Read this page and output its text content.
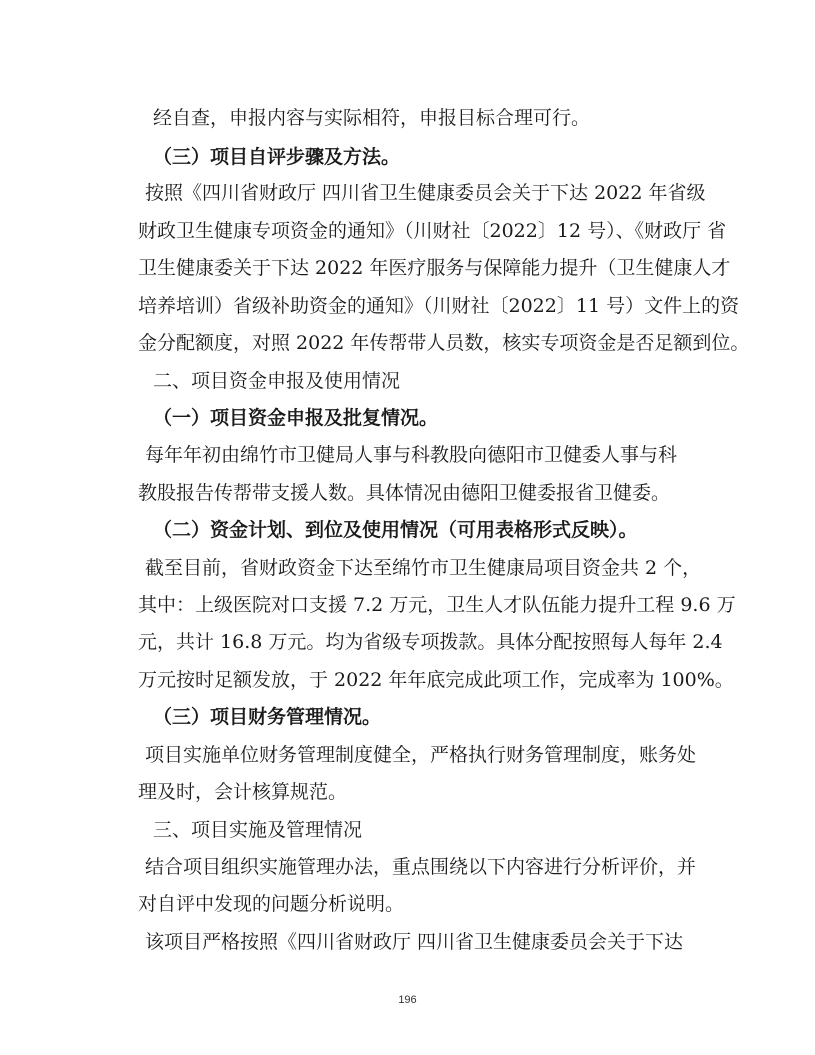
经自查，申报内容与实际相符，申报目标合理可行。

（三）项目自评步骤及方法。

按照《四川省财政厅 四川省卫生健康委员会关于下达 2022 年省级

财政卫生健康专项资金的通知》（川财社〔2022〕12 号）、《财政厅 省

卫生健康委关于下达 2022 年医疗服务与保障能力提升（卫生健康人才

培养培训）省级补助资金的通知》（川财社〔2022〕11 号）文件上的资

金分配额度，对照 2022 年传帮带人员数，核实专项资金是否足额到位。

二、项目资金申报及使用情况

（一）项目资金申报及批复情况。

每年年初由绵竹市卫健局人事与科教股向德阳市卫健委人事与科

教股报告传帮带支援人数。具体情况由德阳卫健委报省卫健委。

（二）资金计划、到位及使用情况（可用表格形式反映）。

截至目前，省财政资金下达至绵竹市卫生健康局项目资金共 2 个，

其中：上级医院对口支援 7.2 万元，卫生人才队伍能力提升工程 9.6 万

元，共计 16.8 万元。均为省级专项拨款。具体分配按照每人每年 2.4

万元按时足额发放，于 2022 年年底完成此项工作，完成率为 100%。

（三）项目财务管理情况。

项目实施单位财务管理制度健全，严格执行财务管理制度，账务处

理及时，会计核算规范。

三、项目实施及管理情况

结合项目组织实施管理办法，重点围绕以下内容进行分析评价，并

对自评中发现的问题分析说明。

该项目严格按照《四川省财政厅 四川省卫生健康委员会关于下达

196
